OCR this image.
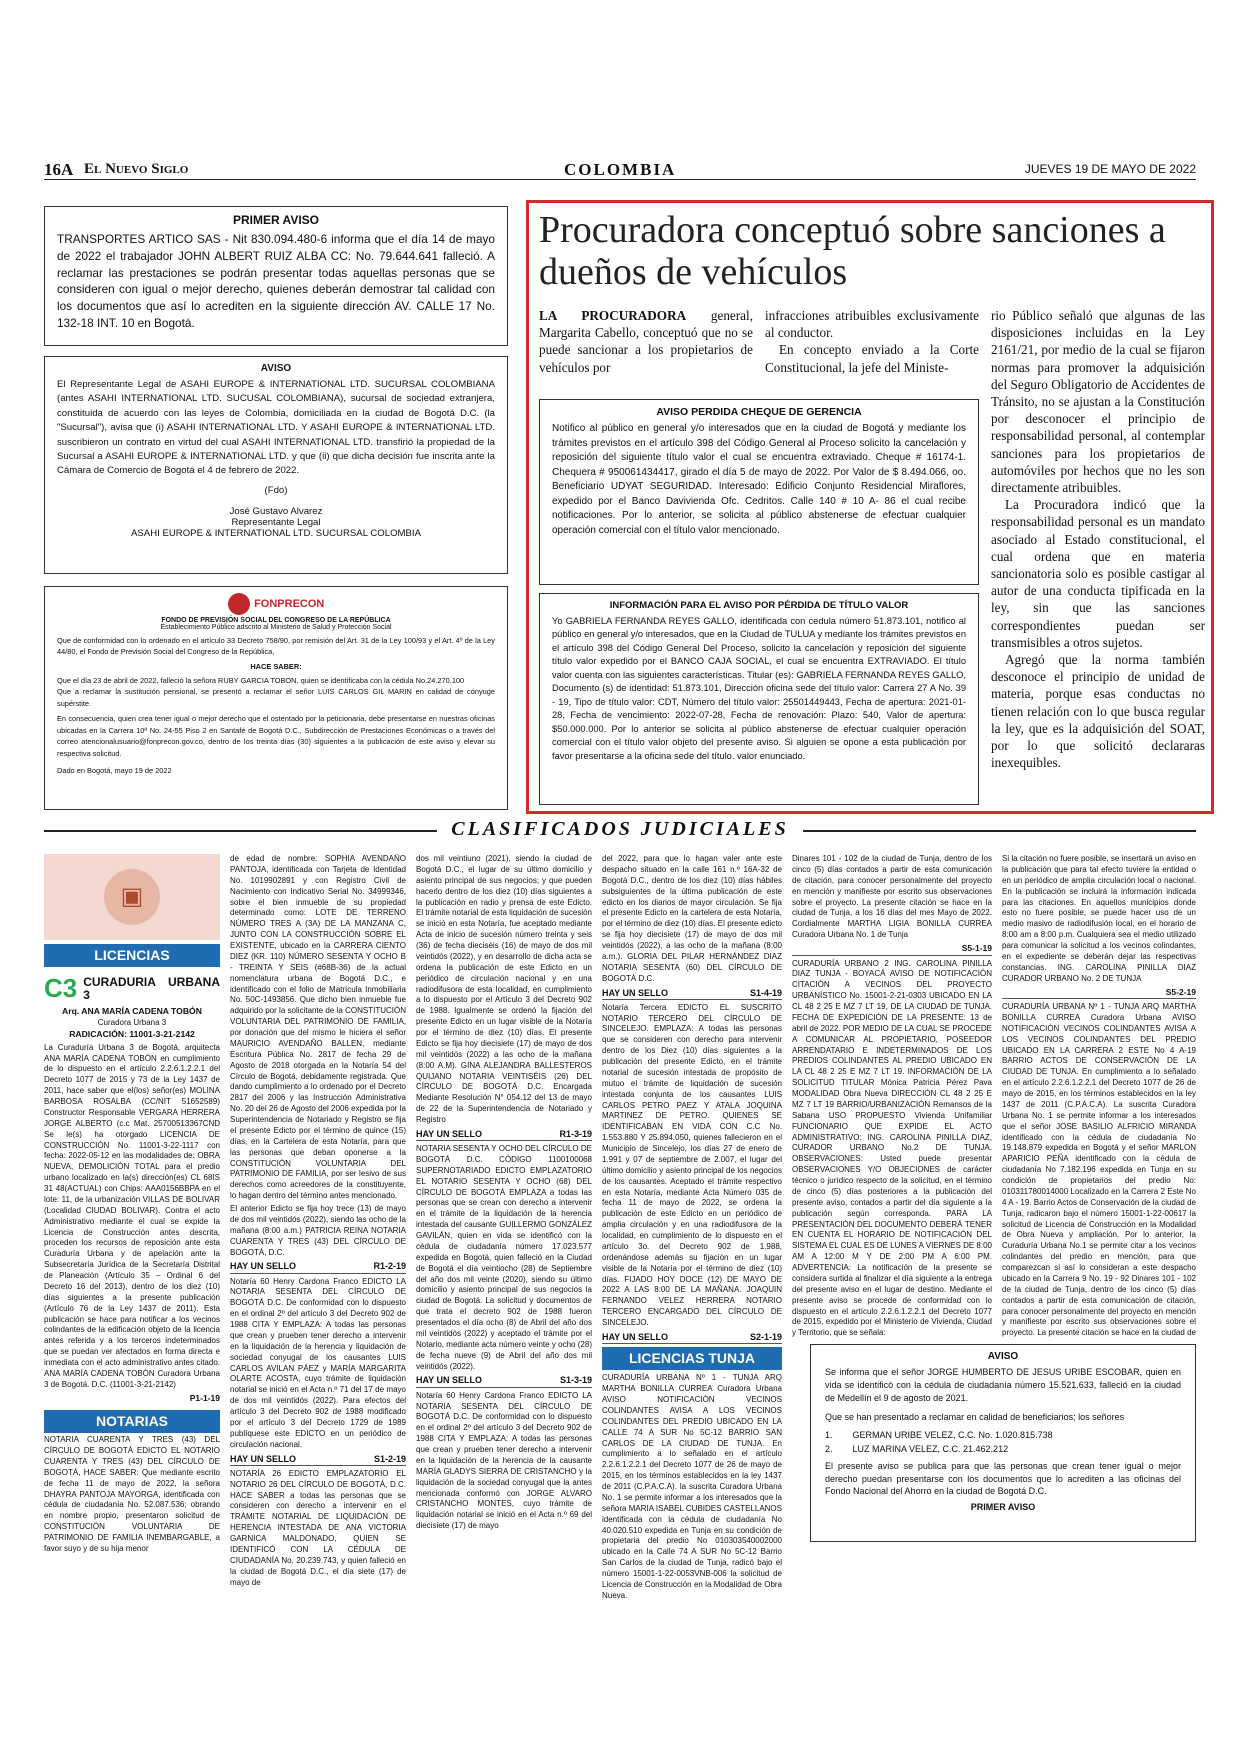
16A El Nuevo Siglo	COLOMBIA	JUEVES 19 DE MAYO DE 2022
PRIMER AVISO
TRANSPORTES ARTICO SAS - Nit 830.094.480-6 informa que el día 14 de mayo de 2022 el trabajador JOHN ALBERT RUIZ ALBA CC: No. 79.644.641 falleció. A reclamar las prestaciones se podrán presentar todas aquellas personas que se consideren con igual o mejor derecho, quienes deberán demostrar tal calidad con los documentos que así lo acrediten en la siguiente dirección AV. CALLE 17 No. 132-18 INT. 10 en Bogotá.
AVISO
El Representante Legal de ASAHI EUROPE & INTERNATIONAL LTD. SUCURSAL COLOMBIANA (antes ASAHI INTERNATIONAL LTD. SUCUSAL COLOMBIANA), sucursal de sociedad extranjera, constituida de acuerdo con las leyes de Colombia, domiciliada en la ciudad de Bogotá D.C. (la "Sucursal"), avisa que (i) ASAHI INTERNATIONAL LTD. Y ASAHI EUROPE & INTERNATIONAL LTD. suscribieron un contrato en virtud del cual ASAHI INTERNATIONAL LTD. transfirió la propiedad de la Sucursal a ASAHI EUROPE & INTERNATIONAL LTD. y que (ii) que dicha decisión fue inscrita ante la Cámara de Comercio de Bogotá el 4 de febrero de 2022.
(Fdo)
José Gustavo Alvarez
Representante Legal
ASAHI EUROPE & INTERNATIONAL LTD. SUCURSAL COLOMBIA
FONPRECON
FONDO DE PREVISIÓN SOCIAL DEL CONGRESO DE LA REPÚBLICA
Establecimiento Público adscrito al Ministerio de Salud y Protección Social
Que de conformidad con lo ordenado en el artículo 33 Decreto 758/90, por remisión del Art. 31 de la Ley 100/93 y el Art. 4º de la Ley 44/80, el Fondo de Previsión Social del Congreso de la República,
HACE SABER:
Que el día 23 de abril de 2022, falleció la señora RUBY GARCIA TOBON, quien se identificaba con la cédula No.24.270.100
Que a reclamar la sustitución pensional, se presentó a reclamar el señor LUIS CARLOS GIL MARIN en calidad de cónyuge supérstite.
En consecuencia, quien crea tener igual o mejor derecho que el ostentado por la peticionaria, debe presentarse en nuestras oficinas ubicadas en la Carrera 10ª No. 24-55 Piso 2 en Santafé de Bogotá D.C., Subdirección de Prestaciones Económicas o a través del correo atencionalusuario@fonprecon.gov.co, dentro de los treinta días (30) siguientes a la publicación de este aviso y elevar su respectiva solicitud.
Dado en Bogotá, mayo 19 de 2022
Procuradora conceptuó sobre sanciones a dueños de vehículos
LA PROCURADORA general, Margarita Cabello, conceptuó que no se puede sancionar a los propietarios de vehículos por
infracciones atribuibles exclusivamente al conductor.
En concepto enviado a la Corte Constitucional, la jefe del Ministe-
rio Público señaló que algunas de las disposiciones incluidas en la Ley 2161/21, por medio de la cual se fijaron normas para promover la adquisición del Seguro Obligatorio de Accidentes de Tránsito, no se ajustan a la Constitución por desconocer el principio de responsabilidad personal, al contemplar sanciones para los propietarios de automóviles por hechos que no les son directamente atribuibles.
La Procuradora indicó que la responsabilidad personal es un mandato asociado al Estado constitucional, el cual ordena que en materia sancionatoria solo es posible castigar al autor de una conducta tipificada en la ley, sin que las sanciones correspondientes puedan ser transmisibles a otros sujetos.
Agregó que la norma también desconoce el principio de unidad de materia, porque esas conductas no tienen relación con lo que busca regular la ley, que es la adquisición del SOAT, por lo que solicitó declararas inexequibles.
AVISO PERDIDA CHEQUE DE GERENCIA
Notifico al público en general y/o interesados que en la ciudad de Bogotá y mediante los trámites previstos en el artículo 398 del Código General al Proceso solicito la cancelación y reposición del siguiente título valor el cual se encuentra extraviado. Cheque # 16174-1. Chequera # 950061434417, girado el día 5 de mayo de 2022. Por Valor de $ 8.494.066, oo. Beneficiario UDYAT SEGURIDAD. Interesado: Edificio Conjunto Residencial Miraflores, expedido por el Banco Davivienda Ofc. Cedritos. Calle 140 # 10 A- 86 el cual recibe notificaciones. Por lo anterior, se solicita al público abstenerse de efectuar cualquier operación comercial con el título valor mencionado.
INFORMACIÓN PARA EL AVISO POR PÉRDIDA DE TÍTULO VALOR
Yo GABRIELA FERNANDA REYES GALLO, identificada con cedula número 51.873.101, notifico al público en general y/o interesados, que en la Ciudad de TULUA y mediante los trámites previstos en el artículo 398 del Código General Del Proceso, solicito la cancelación y reposición del siguiente título valor expedido por el BANCO CAJA SOCIAL, el cual se encuentra EXTRAVIADO. El título valor cuenta con las siguientes características. Titular (es): GABRIELA FERNANDA REYES GALLO, Documento (s) de identidad: 51.873.101, Dirección oficina sede del título valor: Carrera 27 A No. 39 - 19, Tipo de título valor: CDT, Número del título valor: 25501449443, Fecha de apertura: 2021-01-28, Fecha de vencimiento: 2022-07-28, Fecha de renovación: Plazo: 540, Valor de apertura: $50.000.000. Por lo anterior se solicita al público abstenerse de efectuar cualquier operación comercial con el título valor objeto del presente aviso. Si alguien se opone a esta publicación por favor presentarse a la oficina sede del título. valor enunciado.
CLASIFICADOS JUDICIALES
▣
LICENCIAS
C3 CURADURIA URBANA 3
Arq. ANA MARÍA CADENA TOBÓN
Curadora Urbana 3
RADICACIÓN: 11001-3-21-2142

La Curaduría Urbana 3 de Bogotá, arquitecta ANA MARÍA CADENA TOBÓN en cumplimiento de lo dispuesto en el artículo 2.2.6.1.2.2.1 del Decreto 1077 de 2015 y 73 de la Ley 1437 de 2011, hace saber que el(los) señor(es) MOLINA BARBOSA ROSALBA (CC/NIT 51652589) Constructor Responsable VERGARA HERRERA JORGE ALBERTO (c.c Mat. 25700513367CND Se le(s) ha otorgado LICENCIA DE CONSTRUCCIÓN No. 11001-3-22-1117 con fecha: 2022-05-12 en las modalidades de: OBRA NUEVA, DEMOLICIÓN TOTAL para el predio urbano localizado en la(s) dirección(es) CL 68IS 31 48(ACTUAL) con Chips: AAA0156BBPA en el lote: 11, de la urbanización VILLAS DE BOLIVAR (Localidad CIUDAD BOLIVAR). Contra el acto Administrativo mediante el cual se expide la Licencia de Construcción antes descrita, proceden los recursos de reposición ante esta Curaduría Urbana y de apelación ante la Subsecretaría Jurídica de la Secretaría Distrital de Planeación (Artículo 35 – Ordinal 6 del Decreto 16 del 2013), dentro de los diez (10) días siguientes a la presente publicación (Artículo 76 de la Ley 1437 de 2011). Esta publicación se hace para notificar a los vecinos colindantes de la edificación objeto de la licencia antes referida y a los terceros indeterminados que se puedan ver afectados en forma directa e inmediata con el acto administrativo antes citado. ANA MARÍA CADENA TOBÓN Curadora Urbana 3 de Bogotá. D.C. (11001-3-21-2142)

P1-1-19
NOTARIAS

NOTARIA CUARENTA Y TRES (43) DEL CÍRCULO DE BOGOTÁ EDICTO EL NOTARIO CUARENTA Y TRES (43) DEL CÍRCULO DE BOGOTÁ, HACE SABER: Que mediante escrito de fecha 11 de mayo de 2022, la señora DHAYRA PANTOJA MAYORGA, identificada con cédula de ciudadanía No. 52.087.536; obrando en nombre propio, presentaron solicitud de CONSTITUCIÓN VOLUNTARIA DE PATRIMONIO DE FAMILIA INEMBARGABLE, a favor suyo y de su hija menor

de edad de nombre: SOPHIA AVENDAÑO PANTOJA, identificada con Tarjeta de Identidad No. 1019902891 y con Registro Civil de Nacimiento con Indicativo Serial No. 34999346, sobre el bien inmueble de su propiedad determinado como: LOTE DE TERRENO NÚMERO TRES A (3A) DE LA MANZANA C, JUNTO CON LA CONSTRUCCIÓN SOBRE EL EXISTENTE, ubicado en la CARRERA CIENTO DIEZ (KR. 110) NÚMERO SESENTA Y OCHO B - TREINTA Y SEIS (#68B-36) de la actual nomenclatura urbana de Bogotá D.C., e identificado con el folio de Matrícula Inmobiliaria No. 50C-1493856. Que dicho bien inmueble fue adquirido por la solicitante de la CONSTITUCIÓN VOLUNTARIA DEL PATRIMONIO DE FAMILIA, por donación que del mismo le hiciera el señor MAURICIO AVENDAÑO BALLEN, mediante Escritura Pública No. 2817 de fecha 29 de Agosto de 2018 otorgada en la Notaría 54 del Círculo de Bogotá, debidamente registrada. Que dando cumplimiento a lo ordenado por el Decreto 2817 del 2006 y las Instrucción Administrativa No. 20 del 26 de Agosto del 2006 expedida por la Superintendencia de Notariado y Registro se fija el presente Edicto por el término de quince (15) días, en la Cartelera de esta Notaría, para que las personas que deban oponerse a la CONSTITUCIÓN VOLUNTARIA DEL PATRIMONIO DE FAMILIA, por ser lesivo de sus derechos como acreedores de la constituyente, lo hagan dentro del término antes mencionado.

El anterior Edicto se fija hoy trece (13) de mayo de dos mil veintidós (2022), siendo las ocho de la mañana (8:00 a.m.) PATRICIA REINA NOTARIA CUARENTA Y TRES (43) DEL CÍRCULO DE BOGOTÁ, D.C.

HAY UN SELLO	R1-2-19

Notaría 60 Henry Cardona Franco EDICTO LA NOTARIA SESENTA DEL CÍRCULO DE BOGOTÁ D.C. De conformidad con lo dispuesto en el ordinal 2º del artículo 3 del Decreto 902 de 1988 CITA Y EMPLAZA: A todas las personas que crean y prueben tener derecho a intervenir en la liquidación de la herencia y liquidación de sociedad conyugal de los causantes LUIS CARLOS AVILAN PÁEZ y MARÍA MARGARITA OLARTE ACOSTA, cuyo trámite de liquidación notarial se inició en el Acta n.º 71 del 17 de mayo de dos mil veintidós (2022). Para efectos del artículo 3 del Decreto 902 de 1988 modificado por el artículo 3 del Decreto 1729 de 1989 publíquese este EDICTO en un periódico de circulación nacional.

HAY UN SELLO	S1-2-19

NOTARÍA 26 EDICTO EMPLAZATORIO EL NOTARIO 26 DEL CÍRCULO DE BOGOTÁ, D.C. HACE SABER a todas las personas que se consideren con derecho a intervenir en el TRÁMITE NOTARIAL DE LIQUIDACIÓN DE HERENCIA INTESTADA DE ANA VICTORIA GARNICA MALDONADO, QUIEN SE IDENTIFICÓ CON LA CÉDULA DE CIUDADANÍA No. 20.239.743, y quien falleció en la ciudad de Bogotá D.C., el día siete (17) de mayo de

dos mil veintiuno (2021), siendo la ciudad de Bogotá D.C., el lugar de su último domicilio y asiento principal de sus negocios; y que pueden hacerlo dentro de los diez (10) días siguientes a la publicación en radio y prensa de este Edicto. El trámite notarial de esta liquidación de sucesión se inició en esta Notaría, fue aceptado mediante Acta de inicio de sucesión número treinta y seis (36) de fecha dieciséis (16) de mayo de dos mil veintidós (2022), y en desarrollo de dicha acta se ordena la publicación de este Edicto en un periódico de circulación nacional y en una radiodifusora de esta localidad, en cumplimiento a lo dispuesto por el Artículo 3 del Decreto 902 de 1988. Igualmente se ordenó la fijación del presente Edicto en un lugar visible de la Notaría por el término de diez (10) días. El presente Edicto se fija hoy diecisiete (17) de mayo de dos mil veintidós (2022) a las ocho de la mañana (8:00 A.M). GINA ALEJANDRA BALLESTEROS QUIJANO NOTARIA VEINTISÉIS (26) DEL CÍRCULO DE BOGOTÁ D.C. Encargada Mediante Resolución N° 054.12 del 13 de mayo de 22 de la Superintendencia de Notariado y Registro

HAY UN SELLO	R1-3-19

NOTARIA SESENTA Y OCHO DEL CÍRCULO DE BOGOTÁ D.C. CÓDIGO 1100100068 SUPERNOTARIADO EDICTO EMPLAZATORIO EL NOTARIO SESENTA Y OCHO (68) DEL CÍRCULO DE BOGOTÁ EMPLAZA a todas las personas que se crean con derecho a intervenir en el trámite de la liquidación de la herencia intestada del causante GUILLERMO GONZÁLEZ GAVILÁN, quien en vida se identificó con la cédula de ciudadanía número 17.023.577 expedida en Bogotá, quien falleció en la Ciudad de Bogotá el día veintiocho (28) de Septiembre del año dos mil veinte (2020), siendo su último domicilio y asiento principal de sus negocios la ciudad de Bogotá. La solicitud y documentos de que trata el decreto 902 de 1988 fueron presentados el día ocho (8) de Abril del año dos mil veintidós (2022) y aceptado el trámite por el Notario, mediante acta número veinte y ocho (28) de fecha nueve (9) de Abril del año dos mil veintidós (2022).

HAY UN SELLO	S1-3-19

Notaría 60 Henry Cardona Franco EDICTO LA NOTARIA SESENTA DEL CÍRCULO DE BOGOTÁ D.C. De conformidad con lo dispuesto en el ordinal 2º del artículo 3 del Decreto 902 de 1988 CITA Y EMPLAZA: A todas las personas que crean y prueben tener derecho a intervenir en la liquidación de la herencia de la causante MARÍA GLADYS SIERRA DE CRISTANCHO y la liquidación de la sociedad conyugal que la antes mencionada conformó con JORGE ALVARO CRISTANCHO MONTES, cuyo trámite de liquidación notarial se inició en el Acta n.º 69 del diecisiete (17) de mayo

del 2022, para que lo hagan valer ante este despacho situado en la calle 161 n.º 16A-32 de Bogotá D.C., dentro de los diez (10) días hábiles subsiguientes de la última publicación de este edicto en los diarios de mayor circulación. Se fija el presente Edicto en la cartelera de esta Notaría, por el término de diez (10) días. El presente edicto se fija hoy diecisiete (17) de mayo de dos mil veintidós (2022), a las ocho de la mañana (8:00 a.m.). GLORIA DEL PILAR HERNÁNDEZ DIAZ NOTARIA SESENTA (60) DEL CÍRCULO DE BOGOTÁ D.C.

HAY UN SELLO	S1-4-19

Notaría Tercera EDICTO EL SUSCRITO NOTARIO TERCERO DEL CÍRCULO DE SINCELEJO. EMPLAZA: A todas las personas que se consideren con derecho para intervenir dentro de los Diez (10) días siguientes a la publicación del presente Edicto, en el trámite notarial de sucesión intestada de propósito de mutuo el trámite de liquidación de sucesión intestada conjunta de los causantes LUIS CARLOS PETRO PAEZ Y ATALA JOQUINA MARTINEZ DE PETRO. QUIENES SE IDENTIFICABAN EN VIDA CON C.C No. 1.553.880 Y 25.894.050, quienes fallecieron en el Municipio de Sincelejo, los días 27 de enero de 1.991 y 07 de septiembre de 2.007, el lugar del último domicilio y asiento principal de los negocios de los causantes. Aceptado el trámite respectivo en esta Notaría, mediante Acta Número 035 de fecha 11 de mayo de 2022, se ordena la publicación de este Edicto en un periódico de amplia circulación y en una radiodifusora de la localidad, en cumplimiento de lo dispuesto en el artículo 3o. del Decreto 902 de 1.988, ordenándose además su fijación en un lugar visible de la Notaría por el término de diez (10) días. FIJADO HOY DOCE (12) DE MAYO DE 2022 A LAS 8:00 DE LA MAÑANA. JOAQUIN FERNANDO VELEZ HERRERA NOTARIO TERCERO ENCARGADO DEL CÍRCULO DE SINCELEJO.

HAY UN SELLO	S2-1-19
LICENCIAS TUNJA

CURADURÍA URBANA Nº 1 - TUNJA ARQ MARTHA BONILLA CURREA Curadora Urbana AVISO NOTIFICACIÓN VECINOS COLINDANTES AVISA A LOS VECINOS COLINDANTES DEL PREDIO UBICADO EN LA CALLE 74 A SUR No 5C-12 BARRIO SAN CARLOS DE LA CIUDAD DE TUNJA. En cumplimiento a lo señalado en el artículo 2.2.6.1.2.2.1 del Decreto 1077 de 26 de mayo de 2015, en los términos establecidos en la ley 1437 de 2011 (C.P.A.C.A). la suscrita Curadora Urbana No. 1 se permite informar a los interesados que la señora MARIA ISABEL CUBIDES CASTELLANOS identificada con la cédula de ciudadanía No 40.020.510 expedida en Tunja en su condición de propietaria del predio No 010303540002000 ubicado en la Calle 74 A SUR No 5C-12 Barrio San Carlos de la ciudad de Tunja, radicó bajo el número 15001-1-22-0053VNB-006 la solicitud de Licencia de Construcción en la Modalidad de Obra Nueva.

Dinares 101 - 102 de la ciudad de Tunja, dentro de los cinco (5) días contados a partir de esta comunicación de citación, para conocer personalmente del proyecto en mención y manifieste por escrito sus observaciones sobre el proyecto. La presente citación se hace en la ciudad de Tunja, a los 16 días del mes Mayo de 2022. Cordialmente MARTHA LIGIA BONILLA CURREA Curadora Urbana No. 1 de Tunja

S5-1-19

CURADURÍA URBANO 2 ING. CAROLINA PINILLA DIAZ TUNJA - BOYACÁ AVISO DE NOTIFICACIÓN CITACIÓN A VECINOS DEL PROYECTO URBANÍSTICO No. 15001-2-21-0303 UBICADO EN LA CL 48 2 25 E MZ 7 LT 19, DE LA CIUDAD DE TUNJA. FECHA DE EXPEDICIÓN DE LA PRESENTE: 13 de abril de 2022. POR MEDIO DE LA CUAL SE PROCEDE A COMUNICAR AL PROPIETARIO, POSEEDOR ARRENDATARIO E INDETERMINADOS DE LOS PREDIOS COLINDANTES AL PREDIO UBICADO EN LA CL 48 2 25 E MZ 7 LT 19. INFORMACIÓN DE LA SOLICITUD TITULAR Mónica Patricia Pérez Pava MODALIDAD Obra Nueva DIRECCIÓN CL 48 2 25 E MZ 7 LT 19 BARRIO/URBANIZACIÓN Remansos de la Sabana USO PROPUESTO Vivienda Unifamiliar FUNCIONARIO QUE EXPIDE EL ACTO ADMINISTRATIVO: ING. CAROLINA PINILLA DIAZ, CURADOR URBANO No.2 DE TUNJA. OBSERVACIONES: Usted puede presentar OBSERVACIONES Y/O OBJECIONES de carácter técnico o jurídico respecto de la solicitud, en el término de cinco (5) días posteriores a la publicación del presente aviso, contados a partir del día siguiente a la publicación según corresponda. PARA LA PRESENTACIÓN DEL DOCUMENTO DEBERÁ TENER EN CUENTA EL HORARIO DE NOTIFICACIÓN DEL SISTEMA EL CUAL ES DE LUNES A VIERNES DE 8:00 AM A 12:00 M Y DE 2:00 PM A 6:00 PM. ADVERTENCIA: La notificación de la presente se considera surtida al finalizar el día siguiente a la entrega del presente aviso en el lugar de destino. Mediante el presente aviso se procede de conformidad con lo dispuesto en el artículo 2.2.6.1.2.2.1 del Decreto 1077 de 2015, expedido por el Ministerio de Vivienda, Ciudad y Territorio, que se señala:

Si la citación no fuere posible, se insertará un aviso en la publicación que para tal efecto tuviere la entidad o en un periódico de amplia circulación local o nacional. En la publicación se incluirá la información indicada para las citaciones. En aquellos municipios donde esto no fuere posible, se puede hacer uso de un medio masivo de radiodifusión local, en el horario de 8:00 am a 8:00 p.m. Cualquiera sea el medio utilizado para comunicar la solicitud a los vecinos colindantes, en el expediente se deberán dejar las respectivas constancias. ING. CAROLINA PINILLA DIAZ CURADOR URBANO No. 2 DE TUNJA

S5-2-19

CURADURÍA URBANA Nº 1 - TUNJA ARQ MARTHA BONILLA CURREA Curadora Urbana AVISO NOTIFICACIÓN VECINOS COLINDANTES AVISA A LOS VECINOS COLINDANTES DEL PREDIO UBICADO EN LA CARRERA 2 ESTE No 4 A-19 BARRIO ACTOS DE CONSERVACIÓN DE LA CIUDAD DE TUNJA. En cumplimiento a lo señalado en el artículo 2.2.6.1.2.2.1 del Decreto 1077 de 26 de mayo de 2015, en los términos establecidos en la ley 1437 de 2011 (C.P.A.C.A). La suscrita Curadora Urbana No. 1 se permite informar a los interesados que el señor JOSE BASILIO ALFRICIO MIRANDA identificado con la cédula de ciudadanía No 19.148.879 expedida en Bogotá y el señor MARLON APARICIO PEÑA identificado con la cédula de ciudadanía No 7.182.196 expedida en Tunja en su condición de propietarios del predio No: 010311780014000 Localizado en la Carrera 2 Este No 4 A - 19. Barrio Actos de Conservación de la ciudad de Tunja, radicaron bajo el número 15001-1-22-00617 la solicitud de Licencia de Construcción en la Modalidad de Obra Nueva y ampliación. Por lo anterior, la Curaduría Urbana No.1 se permite citar a los vecinos colindantes del predio en mención, para que comparezcan si así lo consideran a este despacho ubicado en la Carrera 9 No. 19 - 92 Dinares 101 - 102 de la ciudad de Tunja, dentro de los cinco (5) días contados a partir de esta comunicación de citación, para conocer personalmente del proyecto en mención y manifieste por escrito sus observaciones sobre el proyecto. La presente citación se hace en la ciudad de

AVISO
Se informa que el señor JORGE HUMBERTO DE JESUS URIBE ESCOBAR, quien en vida se identificó con la cédula de ciudadanía número 15.521.633, falleció en la ciudad de Medellín el 9 de agosto de 2021.
Que se han presentado a reclamar en calidad de beneficiarios; los señores
1.        GERMAN URIBE VELEZ, C.C. No. 1.020.815.738
2.        LUZ MARINA VELEZ, C.C. 21.462.212
El presente aviso se publica para que las personas que crean tener igual o mejor derecho puedan presentarse con los documentos que lo acrediten a las oficinas del Fondo Nacional del Ahorro en la ciudad de Bogotá D.C.
PRIMER AVISO
